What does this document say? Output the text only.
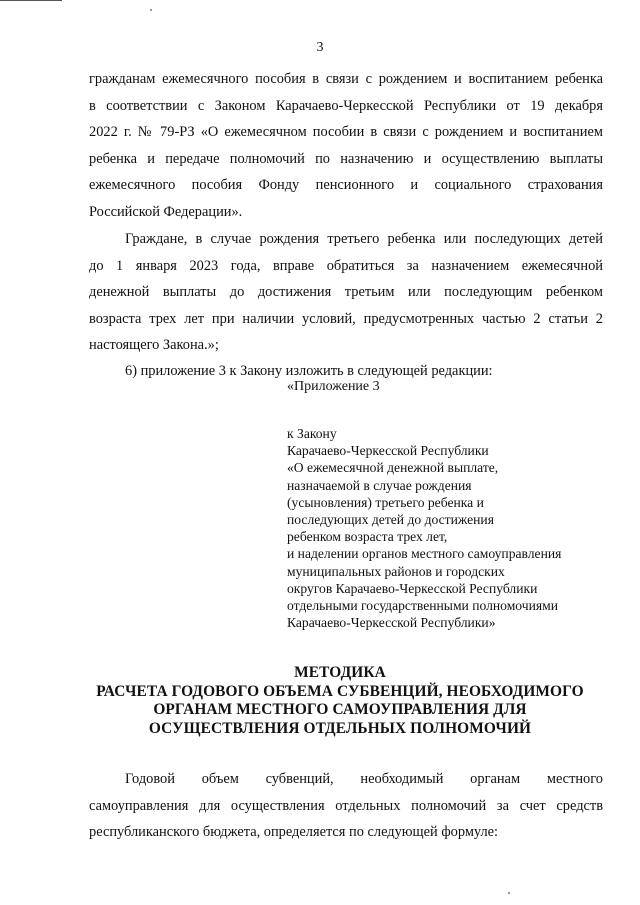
3

гражданам ежемесячного пособия в связи с рождением и воспитанием ребенка
в соответствии с Законом Карачаево-Черкесской Республики от 19 декабря
2022 г. № 79-РЗ «О ежемесячном пособии в связи с рождением и воспитанием
ребенка и передаче полномочий по назначению и осуществлению выплаты
ежемесячного пособия Фонду пенсионного и социального страхования
Российской Федерации».

Граждане, в случае рождения третьего ребенка или последующих детей
до 1 января 2023 года, вправе обратиться за назначением ежемесячной
денежной выплаты до достижения третьим или последующим ребенком
возраста трех лет при наличии условий, предусмотренных частью 2 статьи 2
настоящего Закона.»;

6) приложение 3 к Закону изложить в следующей редакции:

«Приложение 3

к Закону
Карачаево-Черкесской Республики
«О ежемесячной денежной выплате,
назначаемой в случае рождения
(усыновления) третьего ребенка и
последующих детей до достижения
ребенком возраста трех лет,
и наделении органов местного самоуправления
муниципальных районов и городских
округов Карачаево-Черкесской Республики
отдельными государственными полномочиями
Карачаево-Черкесской Республики»
МЕТОДИКА
РАСЧЕТА ГОДОВОГО ОБЪЕМА СУБВЕНЦИЙ, НЕОБХОДИМОГО
ОРГАНАМ МЕСТНОГО САМОУПРАВЛЕНИЯ ДЛЯ
ОСУЩЕСТВЛЕНИЯ ОТДЕЛЬНЫХ ПОЛНОМОЧИЙ

Годовой объем субвенций, необходимый органам местного
самоуправления для осуществления отдельных полномочий за счет средств
республиканского бюджета, определяется по следующей формуле:
